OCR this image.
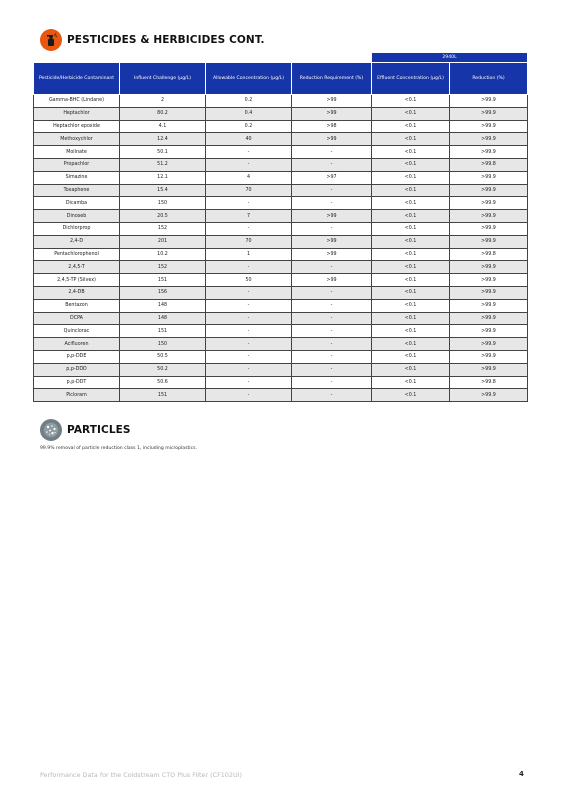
PESTICIDES & HERBICIDES CONT.
				2940L	
Pesticide/Herbicide Contaminant	Influent Challenge (µg/L)	Allowable Concentration (µg/L)	Reduction Requirement (%)	Effluent Concentration (µg/L)	Reduction (%)
Gamma-BHC (Lindane)	2	0.2	>99	<0.1	>99.9
Heptachlor	80.2	0.4	>99	<0.1	>99.9
Heptachlor epoxide	4.1	0.2	>98	<0.1	>99.9
Methoxychlor	12.4	40	>99	<0.1	>99.9
Molinate	50.1	-	-	<0.1	>99.9
Propachlor	51.2	-	-	<0.1	>99.8
Simazine	12.1	4	>97	<0.1	>99.9
Toxaphene	15.4	70	-	<0.1	>99.9
Dicamba	150	-	-	<0.1	>99.9
Dinoseb	20.5	7	>99	<0.1	>99.9
Dichlorprop	152	-	-	<0.1	>99.9
2,4-D	201	70	>99	<0.1	>99.9
Pentachlorophenol	10.2	1	>99	<0.1	>99.8
2,4,5-T	152	-	-	<0.1	>99.9
2,4,5-TP (Silvex)	151	50	>99	<0.1	>99.9
2,4-DB	156	-	-	<0.1	>99.9
Bentazon	148	-	-	<0.1	>99.9
DCPA	148	-	-	<0.1	>99.9
Quinclorac	151	-	-	<0.1	>99.9
Acifluoren	150	-	-	<0.1	>99.9
p,p-DDE	50.5	-	-	<0.1	>99.9
p,p-DDD	50.2	-	-	<0.1	>99.9
p,p-DDT	50.6	-	-	<0.1	>99.8
Picloram	151	-	-	<0.1	>99.9
PARTICLES
99.9% removal of particle reduction class 1, including microplastics.
Performance Data for the Coldstream CTO Plus Filter (CF102UI)	4
